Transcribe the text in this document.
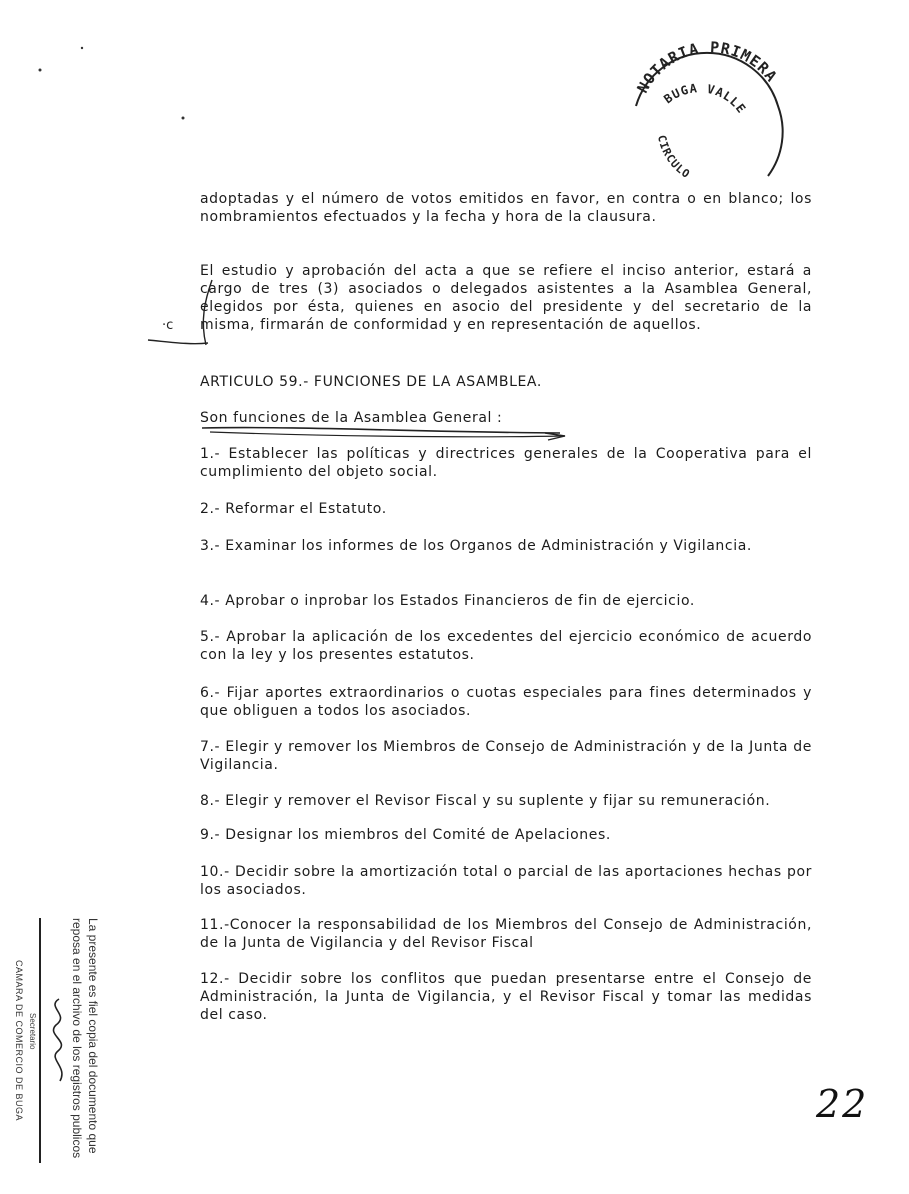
adoptadas y el número de votos emitidos en favor, en contra o en blanco; los nombramientos efectuados y la fecha y hora de la clausura.

El estudio y aprobación del acta a que se refiere el inciso anterior, estará a cargo de tres (3) asociados o delegados asistentes a la Asamblea General, elegidos por ésta, quienes en asocio del presidente y del secretario de la misma, firmarán de conformidad y en representación de aquellos.

ARTICULO 59.- FUNCIONES DE LA ASAMBLEA.

Son funciones de la Asamblea General :

1.- Establecer las políticas y directrices generales de la Cooperativa para el cumplimiento del objeto social.

2.- Reformar el Estatuto.

3.- Examinar los informes de los Organos de Administración y Vigilancia.

4.- Aprobar o inprobar los Estados Financieros de fin de ejercicio.

5.- Aprobar la aplicación de los excedentes del ejercicio económico de acuerdo con la ley y los presentes estatutos.

6.- Fijar aportes extraordinarios o cuotas especiales para fines determinados y que obliguen a todos los asociados.

7.- Elegir y remover los Miembros de Consejo de Administración y de la Junta de Vigilancia.

8.- Elegir y remover el Revisor Fiscal y su suplente y fijar su remuneración.

9.- Designar los miembros del Comité de Apelaciones.

10.- Decidir sobre la amortización total o parcial de las aportaciones hechas por los asociados.

11.-Conocer la responsabilidad de los Miembros del Consejo de Administración, de la Junta de Vigilancia y del Revisor Fiscal

12.- Decidir sobre los conflitos que puedan presentarse entre el Consejo de Administración, la Junta de Vigilancia, y el Revisor Fiscal y tomar las medidas del caso.

NOTARIA PRIMERA
BUGA VALLE
CIRCULO
·c
La presente es fiel copia del documento que
reposa en el archivo de los registros publicos
Secretario
CAMARA DE COMERCIO DE BUGA	22
